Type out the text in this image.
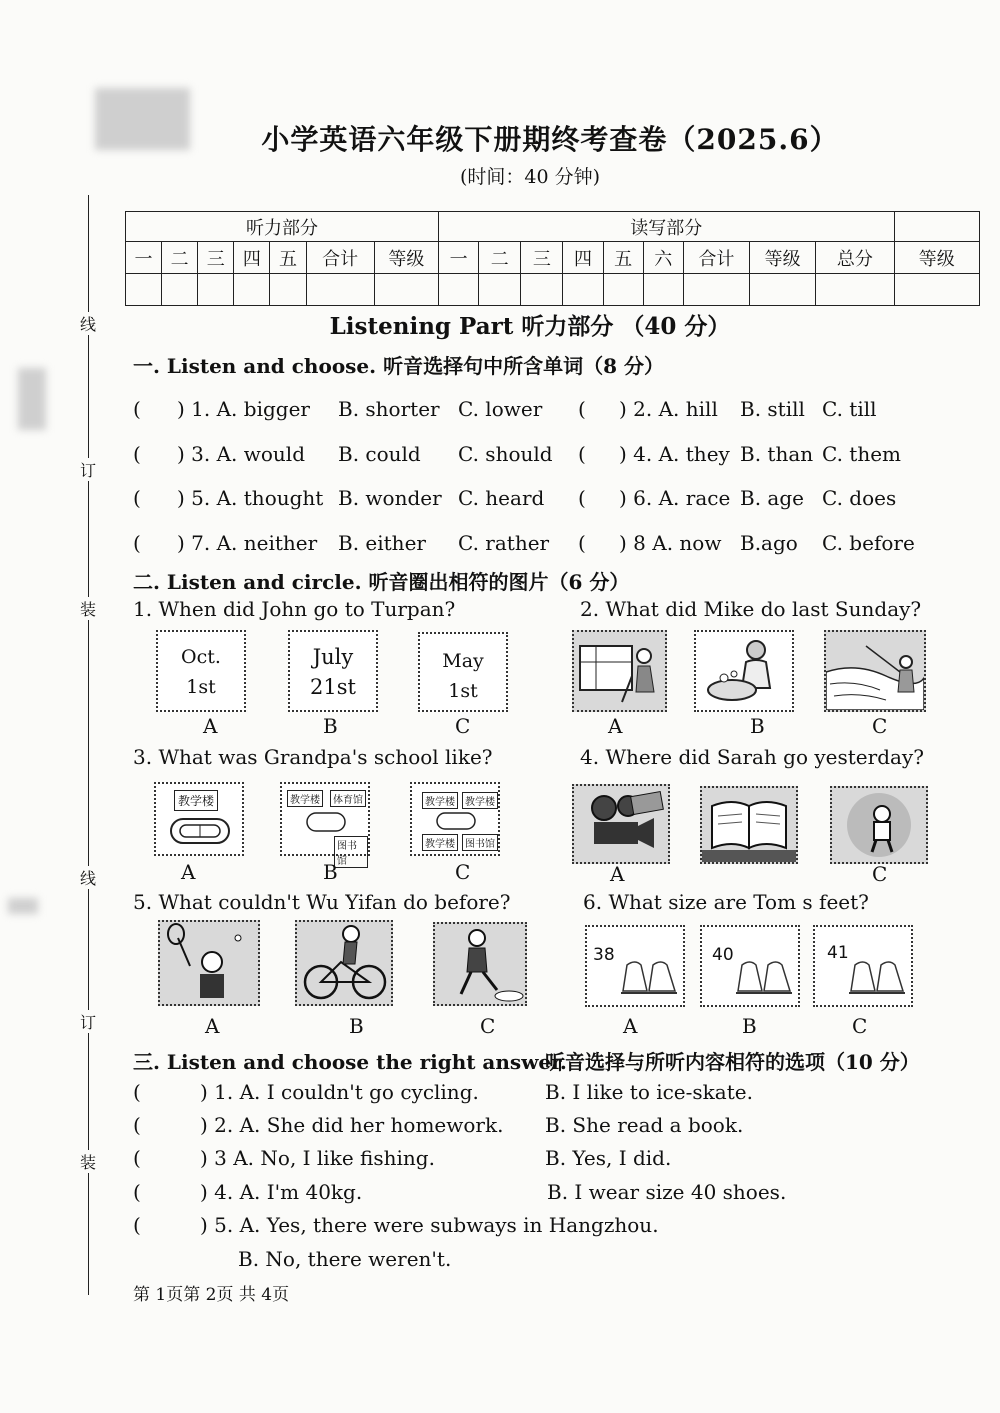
线
订
装
线
订
装
小学英语六年级下册期终考查卷（2025.6）
(时间：40 分钟)
听力部分							读写部分									
一	二	三	四	五	合计	等级	一	二	三	四	五	六	合计	等级	总分	等级

Listening Part 听力部分 （40 分）
一. Listen and choose. 听音选择句中所含单词（8 分）
( ) 1. A. bigger B. shorter C. lower ( ) 2. A. hill B. still C. till
( ) 3. A. would B. could C. should ( ) 4. A. they B. than C. them
( ) 5. A. thought B. wonder C. heard ( ) 6. A. race B. age C. does
( ) 7. A. neither B. either C. rather ( ) 8 A. now B.ago C. before
二. Listen and circle. 听音圈出相符的图片（6 分）
1. When did John go to Turpan?	2. What did Mike do last Sunday?
Oct.
1st
July
21st
May
1st
A	B	C	A	B	C
3. What was Grandpa's school like?	4. Where did Sarah go yesterday?
教学楼	教学楼	体育馆
图书馆
教学楼	教学楼
教学楼	图书馆
A	B	C	A	C
5. What couldn't Wu Yifan do before?	6. What size are Tom s feet?
A	B	C
38	40	41
A	B	C
三. Listen and choose the right answer.
听音选择与所听内容相符的选项（10 分）
(	) 1. A. I couldn't go cycling.	B. I like to ice-skate.
(	) 2. A. She did her homework. B. She read a book.
(	) 3 A. No, I like fishing.	B. Yes, I did.
(	) 4. A. I'm 40kg.	B. I wear size 40 shoes.
(	) 5. A. Yes, there were subways in Hangzhou.
B. No, there weren't.
第 1页第 2页 共 4页
